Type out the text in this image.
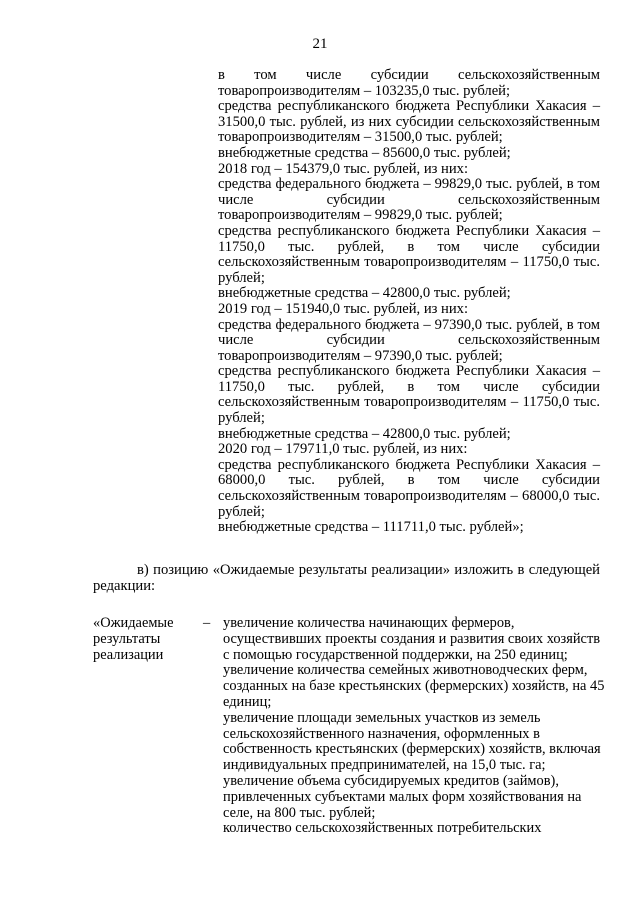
21

в том числе субсидии сельскохозяйственным товаропроизводителям – 103235,0 тыс. рублей;

средства республиканского бюджета Республики Хакасия – 31500,0 тыс. рублей, из них субсидии сельскохозяйственным товаропроизводителям – 31500,0 тыс. рублей;

внебюджетные средства – 85600,0 тыс. рублей;

2018 год – 154379,0 тыс. рублей, из них:

средства федерального бюджета – 99829,0 тыс. рублей, в том числе субсидии сельскохозяйственным товаропроизводителям – 99829,0 тыс. рублей;

средства республиканского бюджета Республики Хакасия – 11750,0 тыс. рублей, в том числе субсидии сельскохозяйственным товаропроизводителям – 11750,0 тыс. рублей;

внебюджетные средства – 42800,0 тыс. рублей;

2019 год – 151940,0 тыс. рублей, из них:

средства федерального бюджета – 97390,0 тыс. рублей, в том числе субсидии сельскохозяйственным товаропроизводителям – 97390,0 тыс. рублей;

средства республиканского бюджета Республики Хакасия – 11750,0 тыс. рублей, в том числе субсидии сельскохозяйственным товаропроизводителям – 11750,0 тыс. рублей;

внебюджетные средства – 42800,0 тыс. рублей;

2020 год – 179711,0 тыс. рублей, из них:

средства республиканского бюджета Республики Хакасия – 68000,0 тыс. рублей, в том числе субсидии сельскохозяйственным товаропроизводителям – 68000,0 тыс. рублей;

внебюджетные средства – 111711,0 тыс. рублей»;

в) позицию «Ожидаемые результаты реализации» изложить в следующей редакции:

«Ожидаемые
результаты
реализации
– увеличение количества начинающих фермеров, осуществивших проекты создания и развития своих хозяйств с помощью государственной поддержки, на 250 единиц;

увеличение количества семейных животноводческих ферм, созданных на базе крестьянских (фермерских) хозяйств, на 45 единиц;

увеличение площади земельных участков из земель сельскохозяйственного назначения, оформленных в собственность крестьянских (фермерских) хозяйств, включая индивидуальных предпринимателей, на 15,0 тыс. га;

увеличение объема субсидируемых кредитов (займов), привлеченных субъектами малых форм хозяйствования на селе, на 800 тыс. рублей;

количество сельскохозяйственных потребительских
